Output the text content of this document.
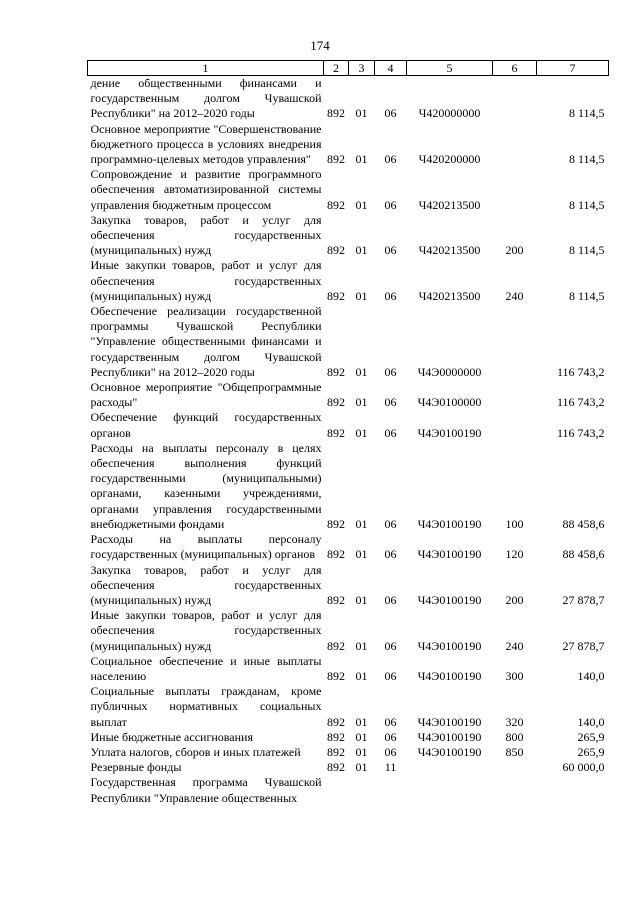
174
1	2	3	4	5	6	7
дение общественными финансами и государственным долгом Чувашской Республики" на 2012–2020 годы	892	01	06	Ч420000000		8 114,5
Основное мероприятие "Совершенствование бюджетного процесса в условиях внедрения программно-целевых методов управления"	892	01	06	Ч420200000		8 114,5
Сопровождение и развитие программного обеспечения автоматизированной системы управления бюджетным процессом	892	01	06	Ч420213500		8 114,5
Закупка товаров, работ и услуг для обеспечения государственных (муниципальных) нужд	892	01	06	Ч420213500	200	8 114,5
Иные закупки товаров, работ и услуг для обеспечения государственных (муниципальных) нужд	892	01	06	Ч420213500	240	8 114,5
Обеспечение реализации государственной программы Чувашской Республики "Управление общественными финансами и государственным долгом Чувашской Республики" на 2012–2020 годы	892	01	06	Ч4Э0000000		116 743,2
Основное мероприятие "Общепрограммные расходы"	892	01	06	Ч4Э0100000		116 743,2
Обеспечение функций государственных органов	892	01	06	Ч4Э0100190		116 743,2
Расходы на выплаты персоналу в целях обеспечения выполнения функций государственными (муниципальными) органами, казенными учреждениями, органами управления государственными внебюджетными фондами	892	01	06	Ч4Э0100190	100	88 458,6
Расходы на выплаты персоналу государственных (муниципальных) органов	892	01	06	Ч4Э0100190	120	88 458,6
Закупка товаров, работ и услуг для обеспечения государственных (муниципальных) нужд	892	01	06	Ч4Э0100190	200	27 878,7
Иные закупки товаров, работ и услуг для обеспечения государственных (муниципальных) нужд	892	01	06	Ч4Э0100190	240	27 878,7
Социальное обеспечение и иные выплаты населению	892	01	06	Ч4Э0100190	300	140,0
Социальные выплаты гражданам, кроме публичных нормативных социальных выплат	892	01	06	Ч4Э0100190	320	140,0
Иные бюджетные ассигнования	892	01	06	Ч4Э0100190	800	265,9
Уплата налогов, сборов и иных платежей	892	01	06	Ч4Э0100190	850	265,9
Резервные фонды	892	01	11			60 000,0
Государственная программа Чувашской Республики "Управление общественных						
